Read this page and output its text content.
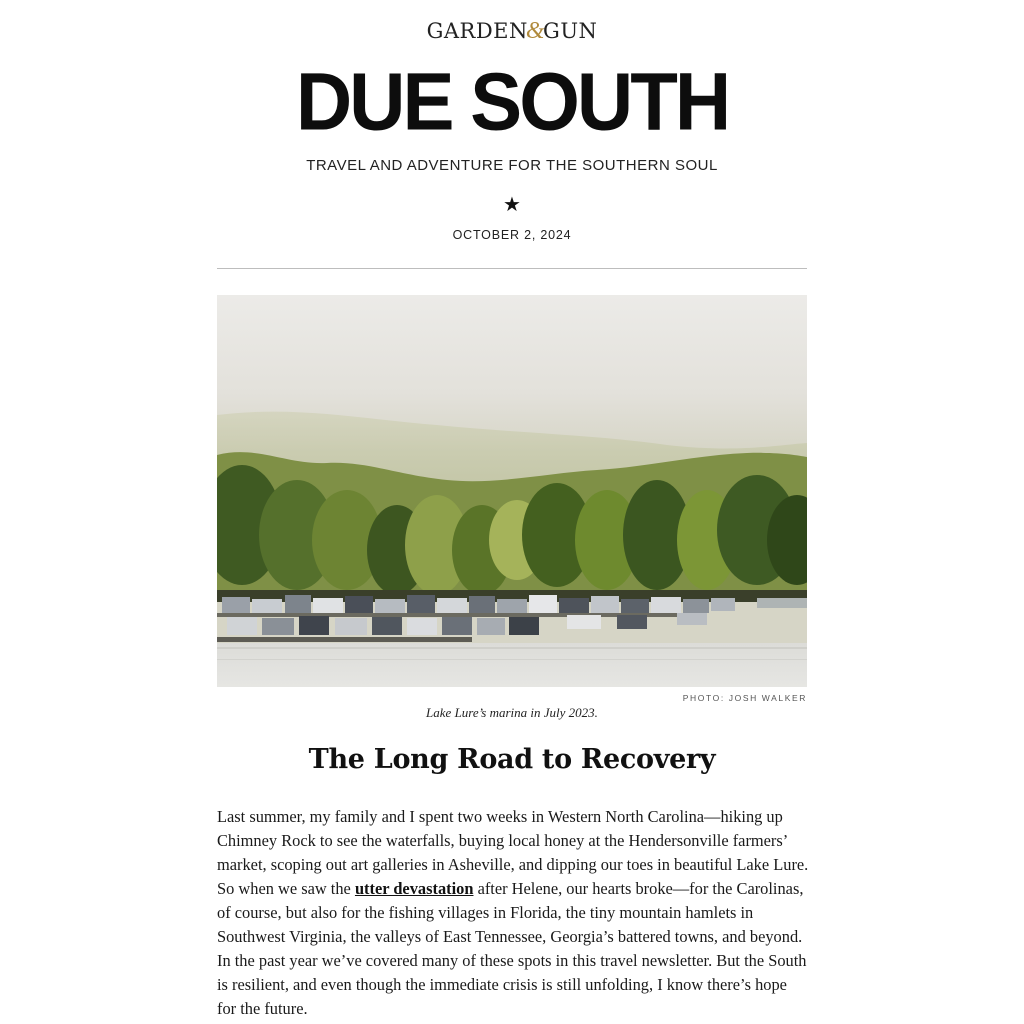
GARDEN&GUN
DUE SOUTH
TRAVEL AND ADVENTURE FOR THE SOUTHERN SOUL
★
OCTOBER 2, 2024
PHOTO: JOSH WALKER
Lake Lure’s marina in July 2023.
The Long Road to Recovery

Last summer, my family and I spent two weeks in Western North Carolina—hiking up Chimney Rock to see the waterfalls, buying local honey at the Hendersonville farmers’ market, scoping out art galleries in Asheville, and dipping our toes in beautiful Lake Lure. So when we saw the utter devastation after Helene, our hearts broke—for the Carolinas, of course, but also for the fishing villages in Florida, the tiny mountain hamlets in Southwest Virginia, the valleys of East Tennessee, Georgia’s battered towns, and beyond. In the past year we’ve covered many of these spots in this travel newsletter. But the South is resilient, and even though the immediate crisis is still unfolding, I know there’s hope for the future.
